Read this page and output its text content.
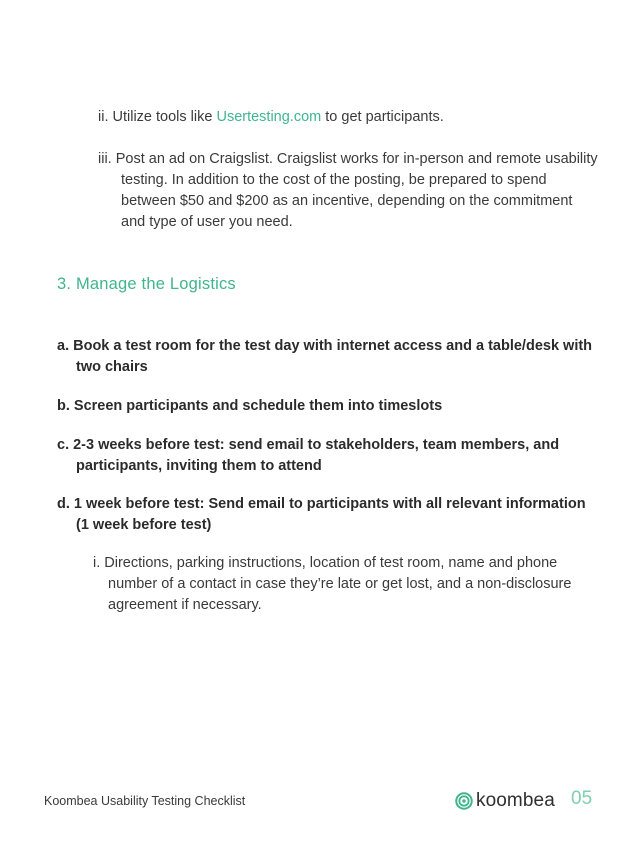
ii. Utilize tools like Usertesting.com to get participants.
iii. Post an ad on Craigslist. Craigslist works for in-person and remote usability testing. In addition to the cost of the posting, be prepared to spend between $50 and $200 as an incentive, depending on the commitment and type of user you need.
3. Manage the Logistics
a. Book a test room for the test day with internet access and a table/desk with two chairs
b. Screen participants and schedule them into timeslots
c. 2-3 weeks before test: send email to stakeholders, team members, and participants, inviting them to attend
d. 1 week before test: Send email to participants with all relevant information (1 week before test)
i. Directions, parking instructions, location of test room, name and phone number of a contact in case they’re late or get lost, and a non-disclosure agreement if necessary.
Koombea Usability Testing Checklist	koombea 05
